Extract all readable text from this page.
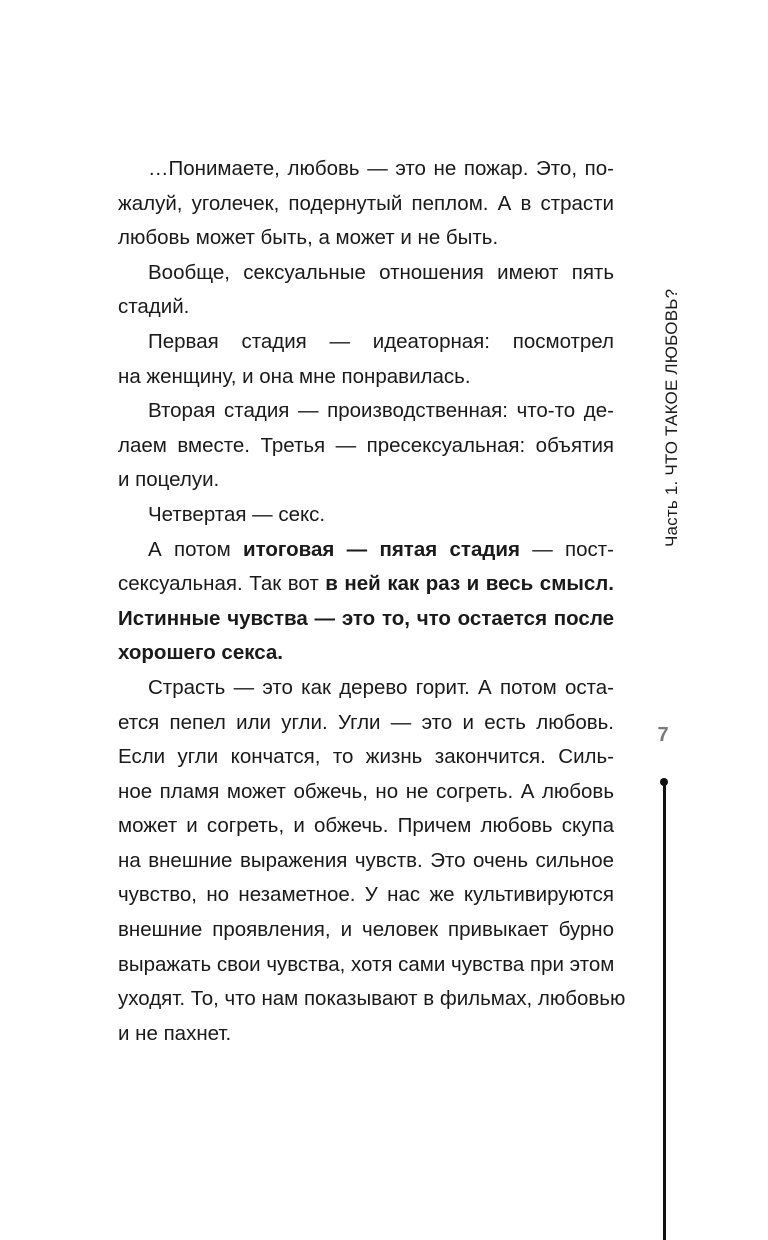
…Понимаете, любовь — это не пожар. Это, по-
жалуй, уголечек, подернутый пеплом. А в страсти
любовь может быть, а может и не быть.
Вообще, сексуальные отношения имеют пять
стадий.
Первая стадия — идеаторная: посмотрел
на женщину, и она мне понравилась.
Вторая стадия — производственная: что-то де-
лаем вместе. Третья — пресексуальная: объятия
и поцелуи.
Четвертая — секс.
А потом итоговая — пятая стадия — пост-
сексуальная. Так вот в ней как раз и весь смысл.
Истинные чувства — это то, что остается после
хорошего секса.
Страсть — это как дерево горит. А потом оста-
ется пепел или угли. Угли — это и есть любовь.
Если угли кончатся, то жизнь закончится. Силь-
ное пламя может обжечь, но не согреть. А любовь
может и согреть, и обжечь. Причем любовь скупа
на внешние выражения чувств. Это очень сильное
чувство, но незаметное. У нас же культивируются
внешние проявления, и человек привыкает бурно
выражать свои чувства, хотя сами чувства при этом
уходят. То, что нам показывают в фильмах, любовью
и не пахнет.
Часть 1. ЧТО ТАКОЕ ЛЮБОВЬ?
7
